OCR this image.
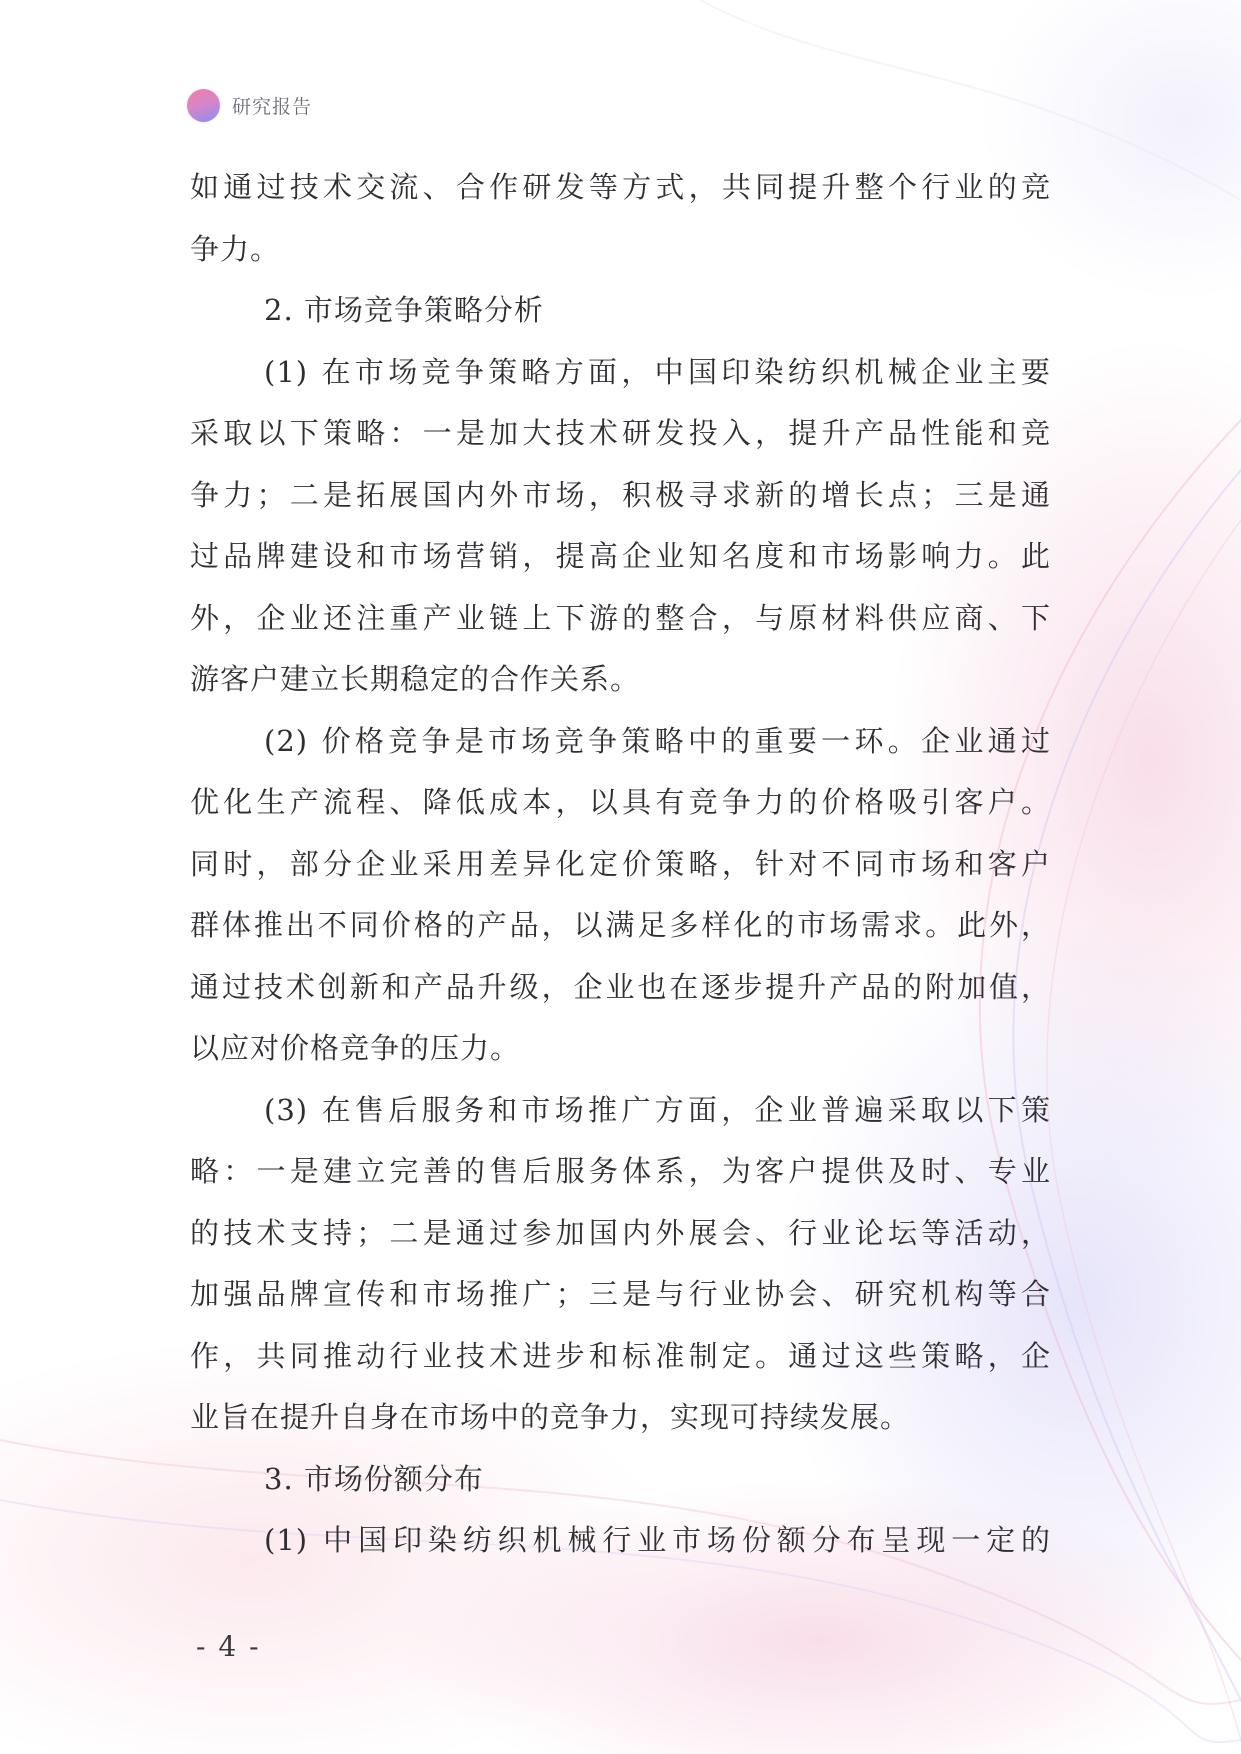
研究报告
如通过技术交流、合作研发等方式，共同提升整个行业的竞
争力。
2. 市场竞争策略分析
(1) 在市场竞争策略方面，中国印染纺织机械企业主要
采取以下策略：一是加大技术研发投入，提升产品性能和竞
争力；二是拓展国内外市场，积极寻求新的增长点；三是通
过品牌建设和市场营销，提高企业知名度和市场影响力。此
外，企业还注重产业链上下游的整合，与原材料供应商、下
游客户建立长期稳定的合作关系。
(2) 价格竞争是市场竞争策略中的重要一环。企业通过
优化生产流程、降低成本，以具有竞争力的价格吸引客户。
同时，部分企业采用差异化定价策略，针对不同市场和客户
群体推出不同价格的产品，以满足多样化的市场需求。此外，
通过技术创新和产品升级，企业也在逐步提升产品的附加值，
以应对价格竞争的压力。
(3) 在售后服务和市场推广方面，企业普遍采取以下策
略：一是建立完善的售后服务体系，为客户提供及时、专业
的技术支持；二是通过参加国内外展会、行业论坛等活动，
加强品牌宣传和市场推广；三是与行业协会、研究机构等合
作，共同推动行业技术进步和标准制定。通过这些策略，企
业旨在提升自身在市场中的竞争力，实现可持续发展。
3. 市场份额分布
(1) 中国印染纺织机械行业市场份额分布呈现一定的
- 4 -
